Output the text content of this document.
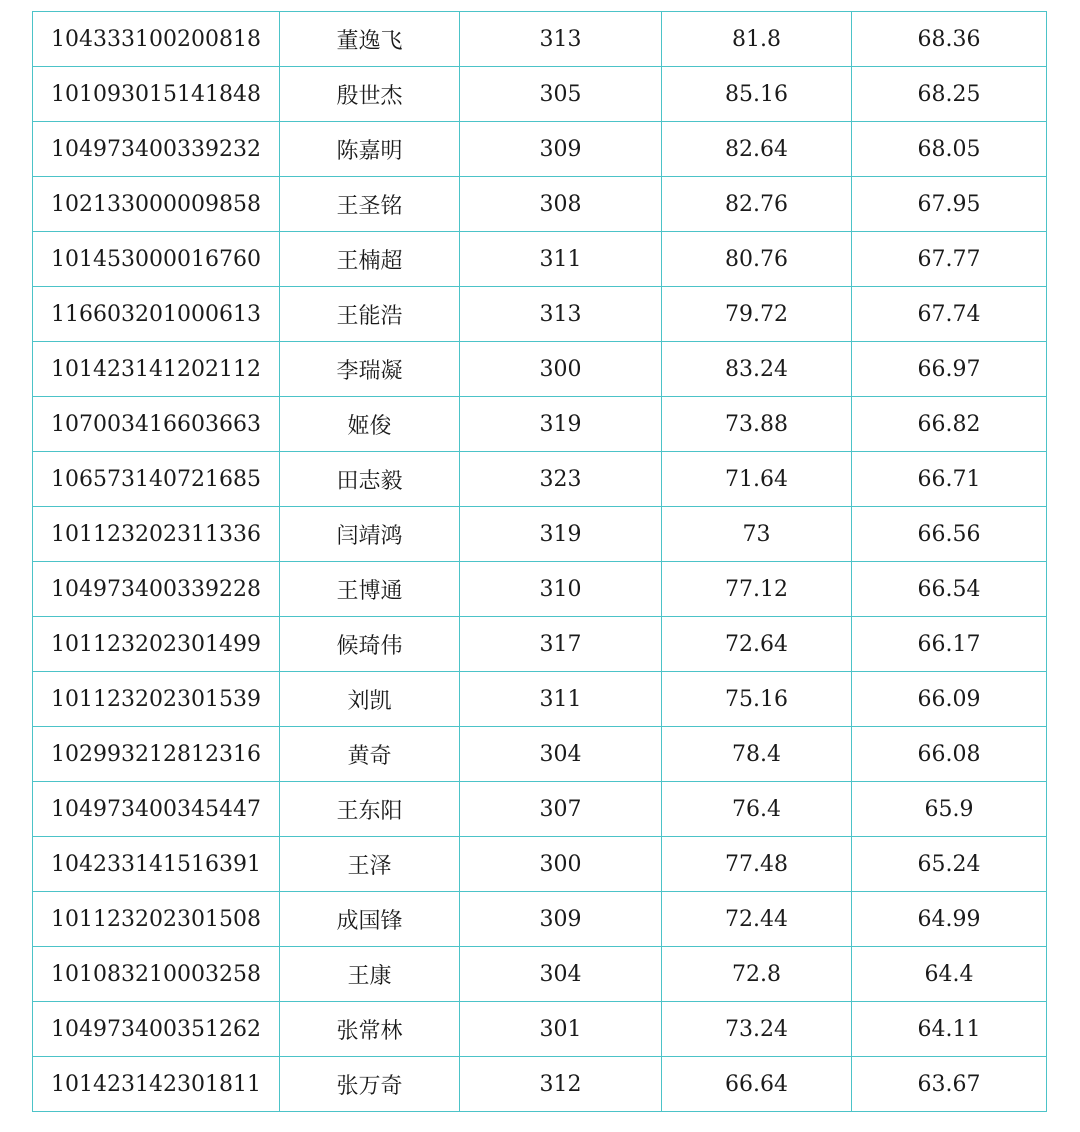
104333100200818	董逸飞	313	81.8	68.36
101093015141848	殷世杰	305	85.16	68.25
104973400339232	陈嘉明	309	82.64	68.05
102133000009858	王圣铭	308	82.76	67.95
101453000016760	王楠超	311	80.76	67.77
116603201000613	王能浩	313	79.72	67.74
101423141202112	李瑞凝	300	83.24	66.97
107003416603663	姬俊	319	73.88	66.82
106573140721685	田志毅	323	71.64	66.71
101123202311336	闫靖鸿	319	73	66.56
104973400339228	王博通	310	77.12	66.54
101123202301499	候琦伟	317	72.64	66.17
101123202301539	刘凯	311	75.16	66.09
102993212812316	黄奇	304	78.4	66.08
104973400345447	王东阳	307	76.4	65.9
104233141516391	王泽	300	77.48	65.24
101123202301508	成国锋	309	72.44	64.99
101083210003258	王康	304	72.8	64.4
104973400351262	张常林	301	73.24	64.11
101423142301811	张万奇	312	66.64	63.67
